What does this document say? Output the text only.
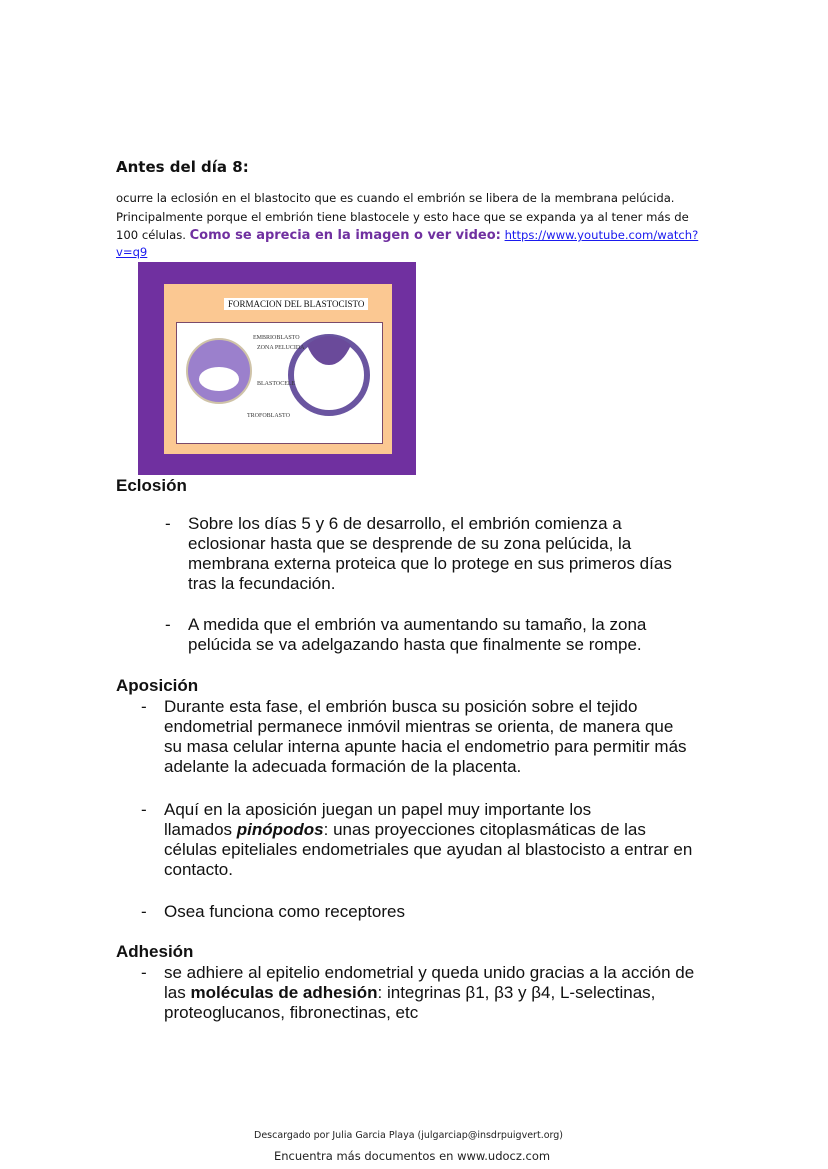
Antes del día 8:
ocurre la eclosión en el blastocito que es cuando el embrión se libera de la membrana pelúcida.
Principalmente porque el embrión tiene blastocele y esto hace que se expanda ya al tener más de
100 células. Como se aprecia en la imagen o ver video: https://www.youtube.com/watch?
v=q9
FORMACION DEL BLASTOCISTO
EMBRIOBLASTO
ZONA PELUCIDA
BLASTOCELE
TROFOBLASTO
Eclosión
- Sobre los días 5 y 6 de desarrollo, el embrión comienza a
eclosionar hasta que se desprende de su zona pelúcida, la
membrana externa proteica que lo protege en sus primeros días
tras la fecundación.
- A medida que el embrión va aumentando su tamaño, la zona
pelúcida se va adelgazando hasta que finalmente se rompe.
Aposición
- Durante esta fase, el embrión busca su posición sobre el tejido
endometrial permanece inmóvil mientras se orienta, de manera que
su masa celular interna apunte hacia el endometrio para permitir más
adelante la adecuada formación de la placenta.
- Aquí en la aposición juegan un papel muy importante los
llamados pinópodos: unas proyecciones citoplasmáticas de las
células epiteliales endometriales que ayudan al blastocisto a entrar en
contacto.
- Osea funciona como receptores
Adhesión
- se adhiere al epitelio endometrial y queda unido gracias a la acción de
las moléculas de adhesión: integrinas β1, β3 y β4, L-selectinas,
proteoglucanos, fibronectinas, etc
Descargado por Julia Garcia Playa (julgarciap@insdrpuigvert.org)
Encuentra más documentos en www.udocz.com
